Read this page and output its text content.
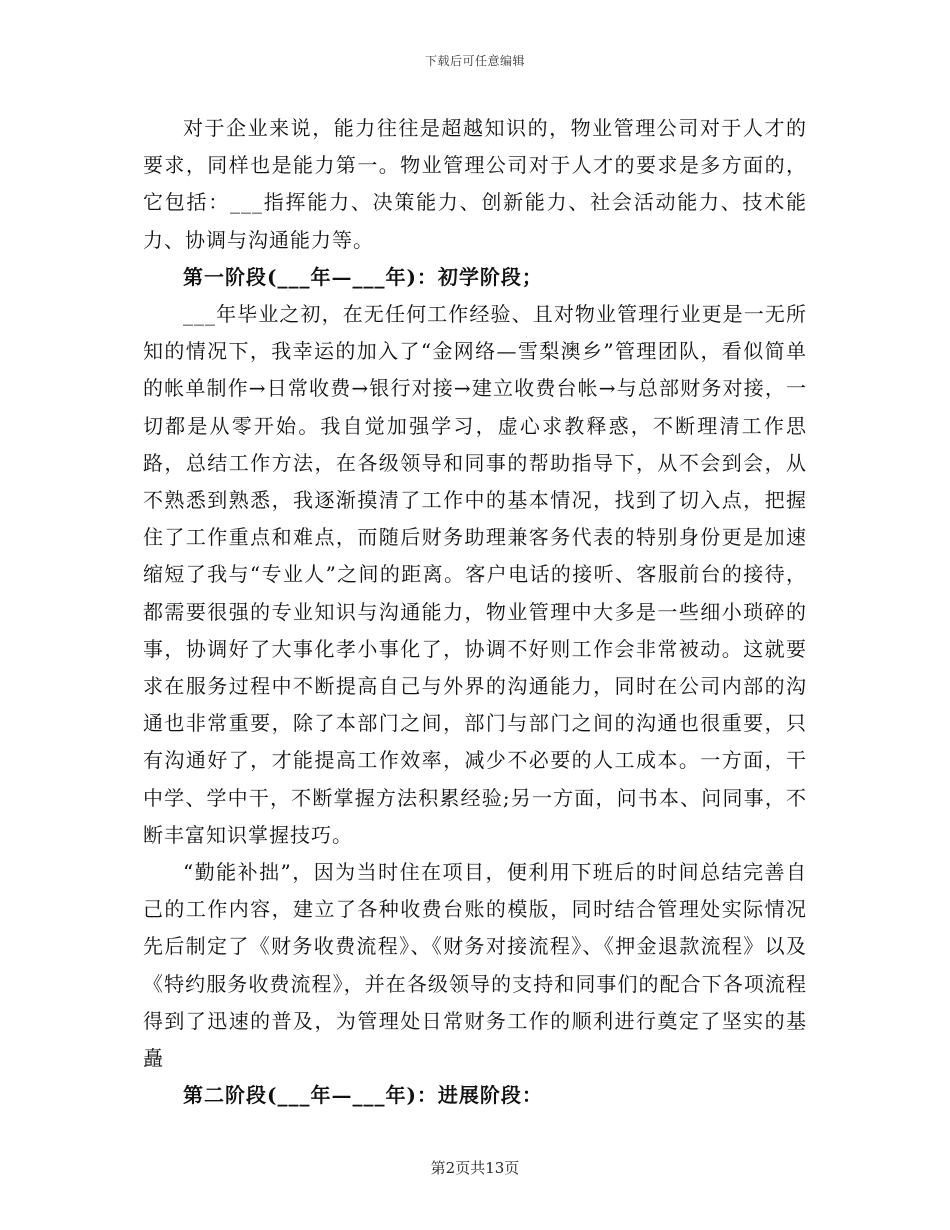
下载后可任意编辑

对于企业来说，能力往往是超越知识的，物业管理公司对于人才的要求，同样也是能力第一。物业管理公司对于人才的要求是多方面的，它包括：___指挥能力、决策能力、创新能力、社会活动能力、技术能力、协调与沟通能力等。

第一阶段(___年—___年)：初学阶段；

___年毕业之初，在无任何工作经验、且对物业管理行业更是一无所知的情况下，我幸运的加入了“金网络—雪梨澳乡”管理团队，看似简单的帐单制作→日常收费→银行对接→建立收费台帐→与总部财务对接，一切都是从零开始。我自觉加强学习，虚心求教释惑，不断理清工作思路，总结工作方法，在各级领导和同事的帮助指导下，从不会到会，从不熟悉到熟悉，我逐渐摸清了工作中的基本情况，找到了切入点，把握住了工作重点和难点，而随后财务助理兼客务代表的特别身份更是加速缩短了我与“专业人”之间的距离。客户电话的接听、客服前台的接待，都需要很强的专业知识与沟通能力，物业管理中大多是一些细小琐碎的事，协调好了大事化孝小事化了，协调不好则工作会非常被动。这就要求在服务过程中不断提高自己与外界的沟通能力，同时在公司内部的沟通也非常重要，除了本部门之间，部门与部门之间的沟通也很重要，只有沟通好了，才能提高工作效率，减少不必要的人工成本。一方面，干中学、学中干，不断掌握方法积累经验;另一方面，问书本、问同事，不断丰富知识掌握技巧。

“勤能补拙”，因为当时住在项目，便利用下班后的时间总结完善自己的工作内容，建立了各种收费台账的模版，同时结合管理处实际情况先后制定了《财务收费流程》、《财务对接流程》、《押金退款流程》以及《特约服务收费流程》，并在各级领导的支持和同事们的配合下各项流程得到了迅速的普及，为管理处日常财务工作的顺利进行奠定了坚实的基矗

第二阶段(___年—___年)：进展阶段：

第2页共13页
